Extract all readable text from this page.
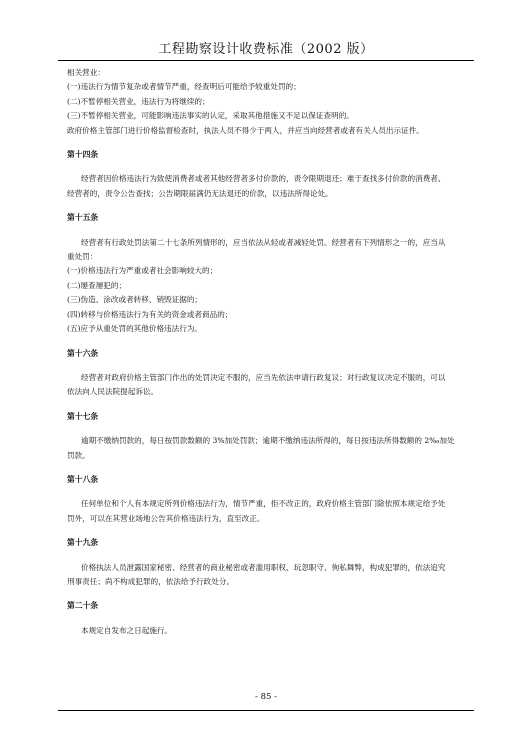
工程勘察设计收费标准（2002 版）
相关营业：
(一)违法行为情节复杂或者情节严重，经查明后可能给予较重处罚的；
(二)不暂停相关营业，违法行为将继续的；
(三)不暂停相关营业，可能影响违法事实的认定，采取其他措施又不足以保证查明的。
政府价格主管部门进行价格监督检查时，执法人员不得少于两人，并应当向经营者或者有关人员出示证件。
第十四条
经营者因价格违法行为致使消费者或者其他经营者多付价款的，责令限期退还；难于查找多付价款的消费者、
经营者的，责令公告查找；公告期限届满仍无法退还的价款，以违法所得论处。
第十五条
经营者有行政处罚法第二十七条所列情形的，应当依法从轻或者减轻处罚。经营者有下列情形之一的，应当从
重处罚：
(一)价格违法行为严重或者社会影响较大的；
(二)屡查屡犯的；
(三)伪造、涂改或者转移、销毁证据的；
(四)转移与价格违法行为有关的资金或者商品的；
(五)应予从重处罚的其他价格违法行为。
第十六条
经营者对政府价格主管部门作出的处罚决定不服的，应当先依法申请行政复议；对行政复议决定不服的，可以
依法向人民法院提起诉讼。
第十七条
逾期不缴纳罚款的，每日按罚款数额的 3%加处罚款；逾期不缴纳违法所得的，每日按违法所得数额的 2‰加处
罚款。
第十八条
任何单位和个人有本规定所列价格违法行为，情节严重，拒不改正的，政府价格主管部门除依照本规定给予处
罚外，可以在其营业场地公告其价格违法行为，直至改正。
第十九条
价格执法人员泄露国家秘密、经营者的商业秘密或者滥用职权、玩忽职守、徇私舞弊，构成犯罪的，依法追究
刑事责任；尚不构成犯罪的，依法给予行政处分。
第二十条
本规定自发布之日起施行。
- 85 -
